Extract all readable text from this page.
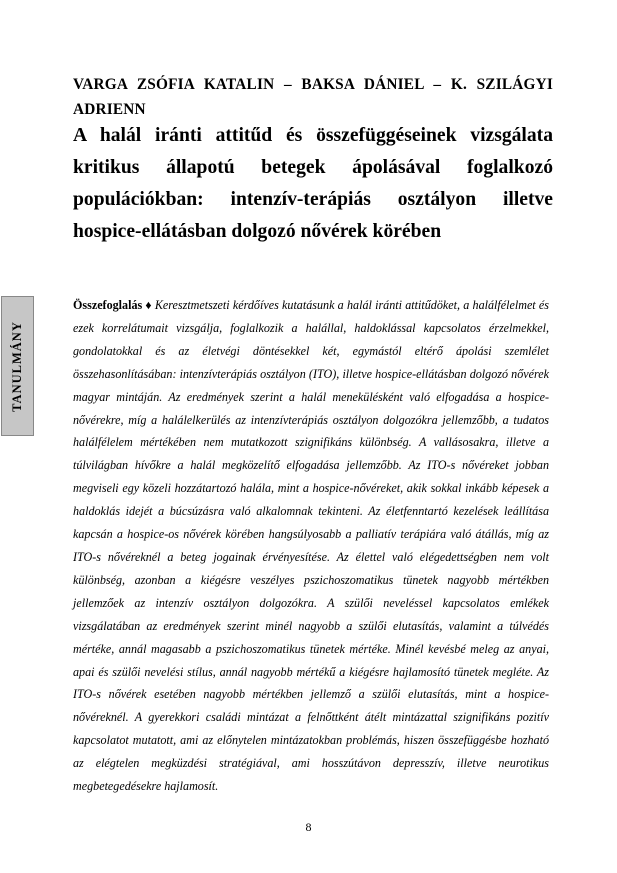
VARGA ZSÓFIA KATALIN – BAKSA DÁNIEL – K. SZILÁGYI ADRIENN
A halál iránti attitűd és összefüggéseinek vizsgálata kritikus állapotú betegek ápolásával foglalkozó populációkban: intenzív-terápiás osztályon illetve hospice-ellátásban dolgozó nővérek körében
TANULMÁNY
Összefoglalás ♦ Keresztmetszeti kérdőíves kutatásunk a halál iránti attitűdöket, a halálfélelmet és ezek korrelátumait vizsgálja, foglalkozik a halállal, haldoklással kapcsolatos érzelmekkel, gondolatokkal és az életvégi döntésekkel két, egymástól eltérő ápolási szemlélet összehasonlításában: intenzívterápiás osztályon (ITO), illetve hospice-ellátásban dolgozó nővérek magyar mintáján. Az eredmények szerint a halál menekülésként való elfogadása a hospice- nővérekre, míg a halálelkerülés az intenzívterápiás osztályon dolgozókra jellemzőbb, a tudatos halálfélelem mértékében nem mutatkozott szignifikáns különbség. A vallásosakra, illetve a túlvilágban hívőkre a halál megközelítő elfogadása jellemzőbb. Az ITO-s nővéreket jobban megviseli egy közeli hozzátartozó halála, mint a hospice-nővéreket, akik sokkal inkább képesek a haldoklás idejét a búcsúzásra való alkalomnak tekinteni. Az életfenntartó kezelések leállítása kapcsán a hospice-os nővérek körében hangsúlyosabb a palliatív terápiára való átállás, míg az ITO-s nővéreknél a beteg jogainak érvényesítése. Az élettel való elégedettségben nem volt különbség, azonban a kiégésre veszélyes pszichoszomatikus tünetek nagyobb mértékben jellemzőek az intenzív osztályon dolgozókra. A szülői neveléssel kapcsolatos emlékek vizsgálatában az eredmények szerint minél nagyobb a szülői elutasítás, valamint a túlvédés mértéke, annál magasabb a pszichoszomatikus tünetek mértéke. Minél kevésbé meleg az anyai, apai és szülői nevelési stílus, annál nagyobb mértékű a kiégésre hajlamosító tünetek megléte. Az ITO-s nővérek esetében nagyobb mértékben jellemző a szülői elutasítás, mint a hospice-nővéreknél. A gyerekkori családi mintázat a felnőttként átélt mintázattal szignifikáns pozitív kapcsolatot mutatott, ami az előnytelen mintázatokban problémás, hiszen összefüggésbe hozható az elégtelen megküzdési stratégiával, ami hosszútávon depresszív, illetve neurotikus megbetegedésekre hajlamosít.
8
